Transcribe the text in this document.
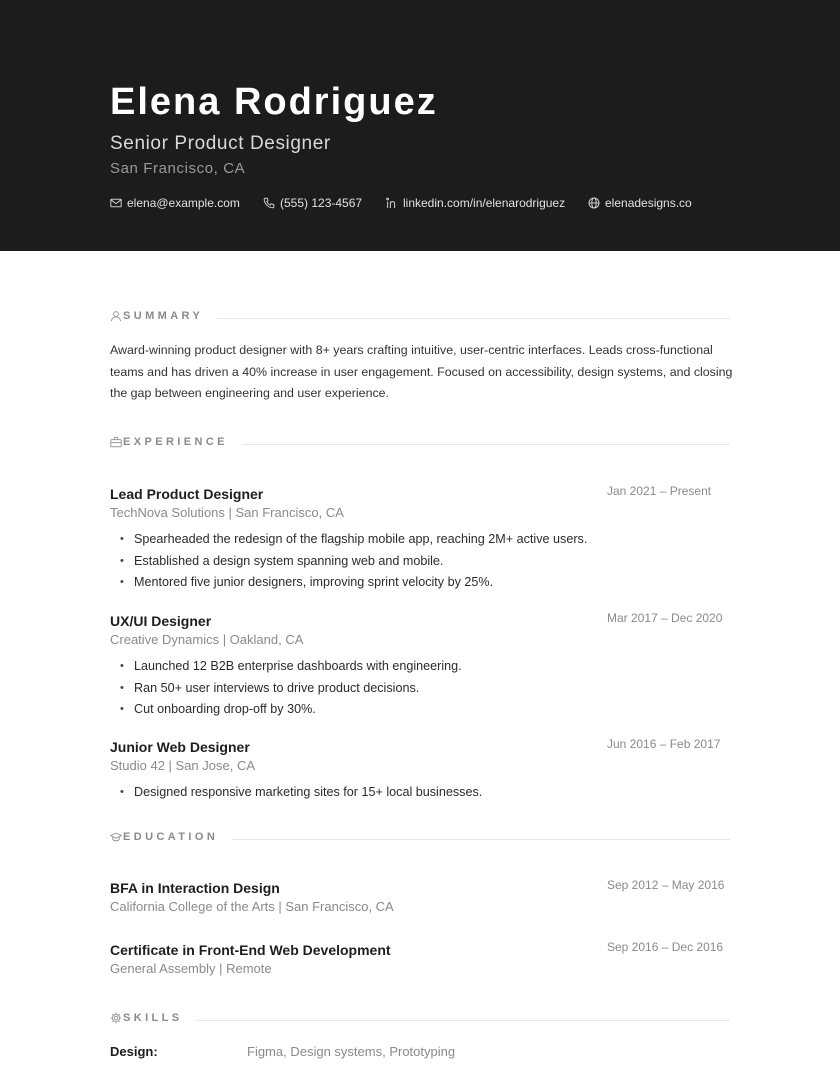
Elena Rodriguez
Senior Product Designer
San Francisco, CA
elena@example.com	(555) 123-4567	linkedin.com/in/elenarodriguez	elenadesigns.co
SUMMARY

Award-winning product designer with 8+ years crafting intuitive, user-centric interfaces. Leads cross-functional teams and has driven a 40% increase in user engagement. Focused on accessibility, design systems, and closing the gap between engineering and user experience.

EXPERIENCE
Lead Product Designer	Jan 2021 – Present
TechNova Solutions | San Francisco, CA
• Spearheaded the redesign of the flagship mobile app, reaching 2M+ active users.
• Established a design system spanning web and mobile.
• Mentored five junior designers, improving sprint velocity by 25%.
UX/UI Designer	Mar 2017 – Dec 2020
Creative Dynamics | Oakland, CA
• Launched 12 B2B enterprise dashboards with engineering.
• Ran 50+ user interviews to drive product decisions.
• Cut onboarding drop-off by 30%.
Junior Web Designer	Jun 2016 – Feb 2017
Studio 42 | San Jose, CA
• Designed responsive marketing sites for 15+ local businesses.
EDUCATION
BFA in Interaction Design	Sep 2012 – May 2016
California College of the Arts | San Francisco, CA
Certificate in Front-End Web Development	Sep 2016 – Dec 2016
General Assembly | Remote
SKILLS
Design:	Figma, Design systems, Prototyping
